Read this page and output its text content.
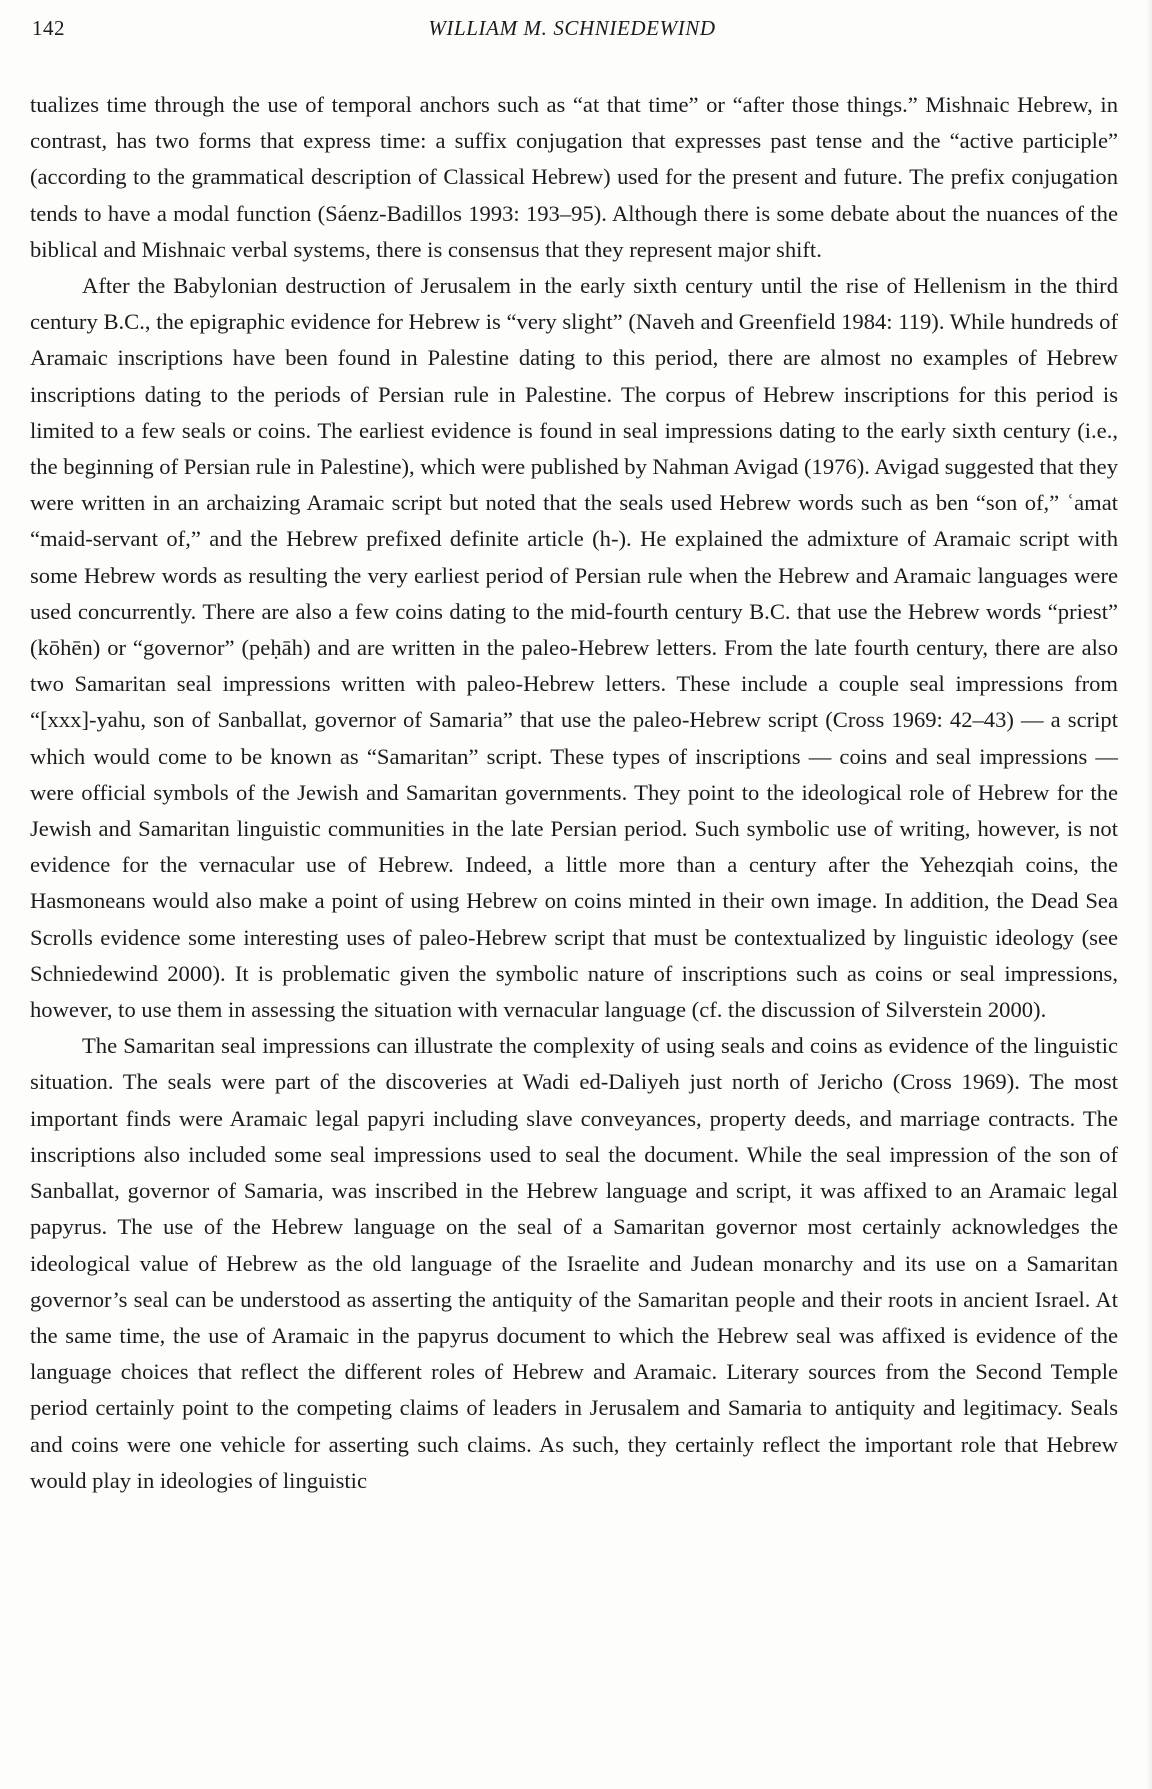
142	WILLIAM M. SCHNIEDEWIND

tualizes time through the use of temporal anchors such as “at that time” or “after those things.” Mishnaic Hebrew, in contrast, has two forms that express time: a suffix conjugation that expresses past tense and the “active participle” (according to the grammatical description of Classical Hebrew) used for the present and future. The prefix conjugation tends to have a modal function (Sáenz-Badillos 1993: 193–95). Although there is some debate about the nuances of the biblical and Mishnaic verbal systems, there is consensus that they represent major shift.

After the Babylonian destruction of Jerusalem in the early sixth century until the rise of Hellenism in the third century B.C., the epigraphic evidence for Hebrew is “very slight” (Naveh and Greenfield 1984: 119). While hundreds of Aramaic inscriptions have been found in Palestine dating to this period, there are almost no examples of Hebrew inscriptions dating to the periods of Persian rule in Palestine. The corpus of Hebrew inscriptions for this period is limited to a few seals or coins. The earliest evidence is found in seal impressions dating to the early sixth century (i.e., the beginning of Persian rule in Palestine), which were published by Nahman Avigad (1976). Avigad suggested that they were written in an archaizing Aramaic script but noted that the seals used Hebrew words such as ben “son of,” ʿamat “maid-servant of,” and the Hebrew prefixed definite article (h-). He explained the admixture of Aramaic script with some Hebrew words as resulting the very earliest period of Persian rule when the Hebrew and Aramaic languages were used concurrently. There are also a few coins dating to the mid-fourth century B.C. that use the Hebrew words “priest” (kōhēn) or “governor” (peḥāh) and are written in the paleo-Hebrew letters. From the late fourth century, there are also two Samaritan seal impressions written with paleo-Hebrew letters. These include a couple seal impressions from “[xxx]-yahu, son of Sanballat, governor of Samaria” that use the paleo-Hebrew script (Cross 1969: 42–43) — a script which would come to be known as “Samaritan” script. These types of inscriptions — coins and seal impressions — were official symbols of the Jewish and Samaritan governments. They point to the ideological role of Hebrew for the Jewish and Samaritan linguistic communities in the late Persian period. Such symbolic use of writing, however, is not evidence for the vernacular use of Hebrew. Indeed, a little more than a century after the Yehezqiah coins, the Hasmoneans would also make a point of using Hebrew on coins minted in their own image. In addition, the Dead Sea Scrolls evidence some interesting uses of paleo-Hebrew script that must be contextualized by linguistic ideology (see Schniedewind 2000). It is problematic given the symbolic nature of inscriptions such as coins or seal impressions, however, to use them in assessing the situation with vernacular language (cf. the discussion of Silverstein 2000).

The Samaritan seal impressions can illustrate the complexity of using seals and coins as evidence of the linguistic situation. The seals were part of the discoveries at Wadi ed-Daliyeh just north of Jericho (Cross 1969). The most important finds were Aramaic legal papyri including slave conveyances, property deeds, and marriage contracts. The inscriptions also included some seal impressions used to seal the document. While the seal impression of the son of Sanballat, governor of Samaria, was inscribed in the Hebrew language and script, it was affixed to an Aramaic legal papyrus. The use of the Hebrew language on the seal of a Samaritan governor most certainly acknowledges the ideological value of Hebrew as the old language of the Israelite and Judean monarchy and its use on a Samaritan governor’s seal can be understood as asserting the antiquity of the Samaritan people and their roots in ancient Israel. At the same time, the use of Aramaic in the papyrus document to which the Hebrew seal was affixed is evidence of the language choices that reflect the different roles of Hebrew and Aramaic. Literary sources from the Second Temple period certainly point to the competing claims of leaders in Jerusalem and Samaria to antiquity and legitimacy. Seals and coins were one vehicle for asserting such claims. As such, they certainly reflect the important role that Hebrew would play in ideologies of linguistic
